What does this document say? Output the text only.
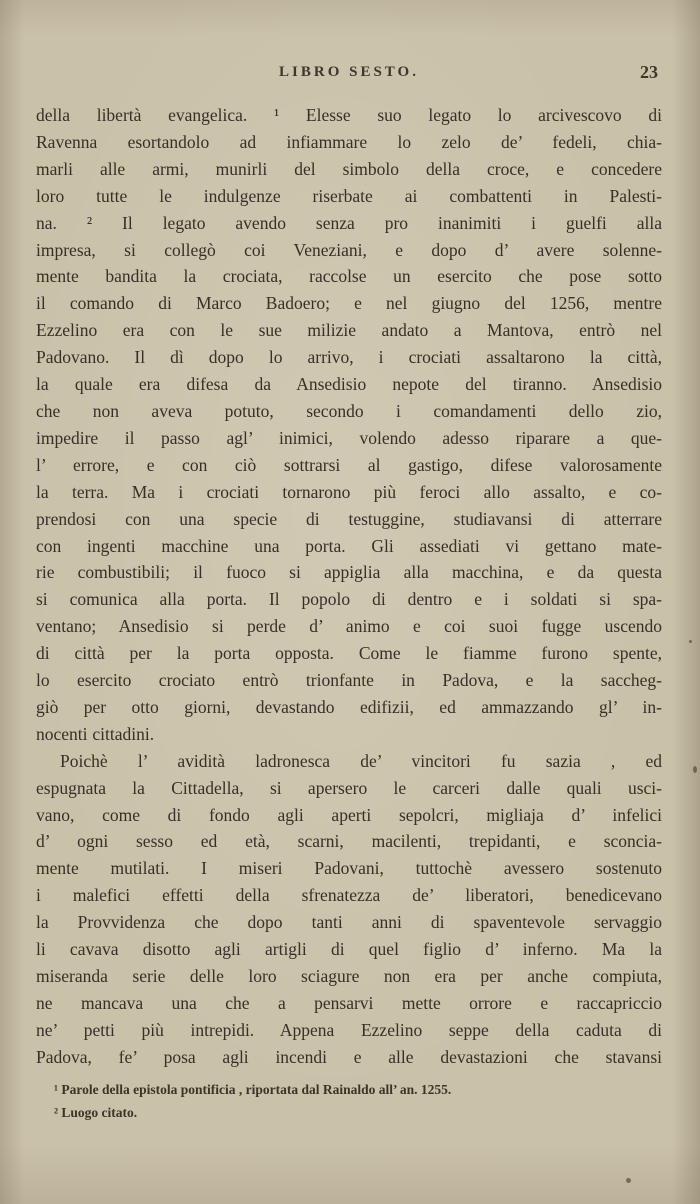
LIBRO SESTO.	23
della libertà evangelica. ¹ Elesse suo legato lo arcivescovo di
Ravenna esortandolo ad infiammare lo zelo de’ fedeli, chia-
marli alle armi, munirli del simbolo della croce, e concedere
loro tutte le indulgenze riserbate ai combattenti in Palesti-
na. ² Il legato avendo senza pro inanimiti i guelfi alla
impresa, si collegò coi Veneziani, e dopo d’ avere solenne-
mente bandita la crociata, raccolse un esercito che pose sotto
il comando di Marco Badoero; e nel giugno del 1256, mentre
Ezzelino era con le sue milizie andato a Mantova, entrò nel
Padovano. Il dì dopo lo arrivo, i crociati assaltarono la città,
la quale era difesa da Ansedisio nepote del tiranno. Ansedisio
che non aveva potuto, secondo i comandamenti dello zio,
impedire il passo agl’ inimici, volendo adesso riparare a que-
l’ errore, e con ciò sottrarsi al gastigo, difese valorosamente
la terra. Ma i crociati tornarono più feroci allo assalto, e co-
prendosi con una specie di testuggine, studiavansi di atterrare
con ingenti macchine una porta. Gli assediati vi gettano mate-
rie combustibili; il fuoco si appiglia alla macchina, e da questa
si comunica alla porta. Il popolo di dentro e i soldati si spa-
ventano; Ansedisio si perde d’ animo e coi suoi fugge uscendo
di città per la porta opposta. Come le fiamme furono spente,
lo esercito crociato entrò trionfante in Padova, e la saccheg-
giò per otto giorni, devastando edifizii, ed ammazzando gl’ in-
nocenti cittadini.
Poichè l’ avidità ladronesca de’ vincitori fu sazia , ed
espugnata la Cittadella, si apersero le carceri dalle quali usci-
vano, come di fondo agli aperti sepolcri, migliaja d’ infelici
d’ ogni sesso ed età, scarni, macilenti, trepidanti, e sconcia-
mente mutilati. I miseri Padovani, tuttochè avessero sostenuto
i malefici effetti della sfrenatezza de’ liberatori, benedicevano
la Provvidenza che dopo tanti anni di spaventevole servaggio
li cavava disotto agli artigli di quel figlio d’ inferno. Ma la
miseranda serie delle loro sciagure non era per anche compiuta,
ne mancava una che a pensarvi mette orrore e raccapriccio
ne’ petti più intrepidi. Appena Ezzelino seppe della caduta di
Padova, fe’ posa agli incendi e alle devastazioni che stavansi
¹ Parole della epistola pontificia , riportata dal Rainaldo all’ an. 1255.
² Luogo citato.
